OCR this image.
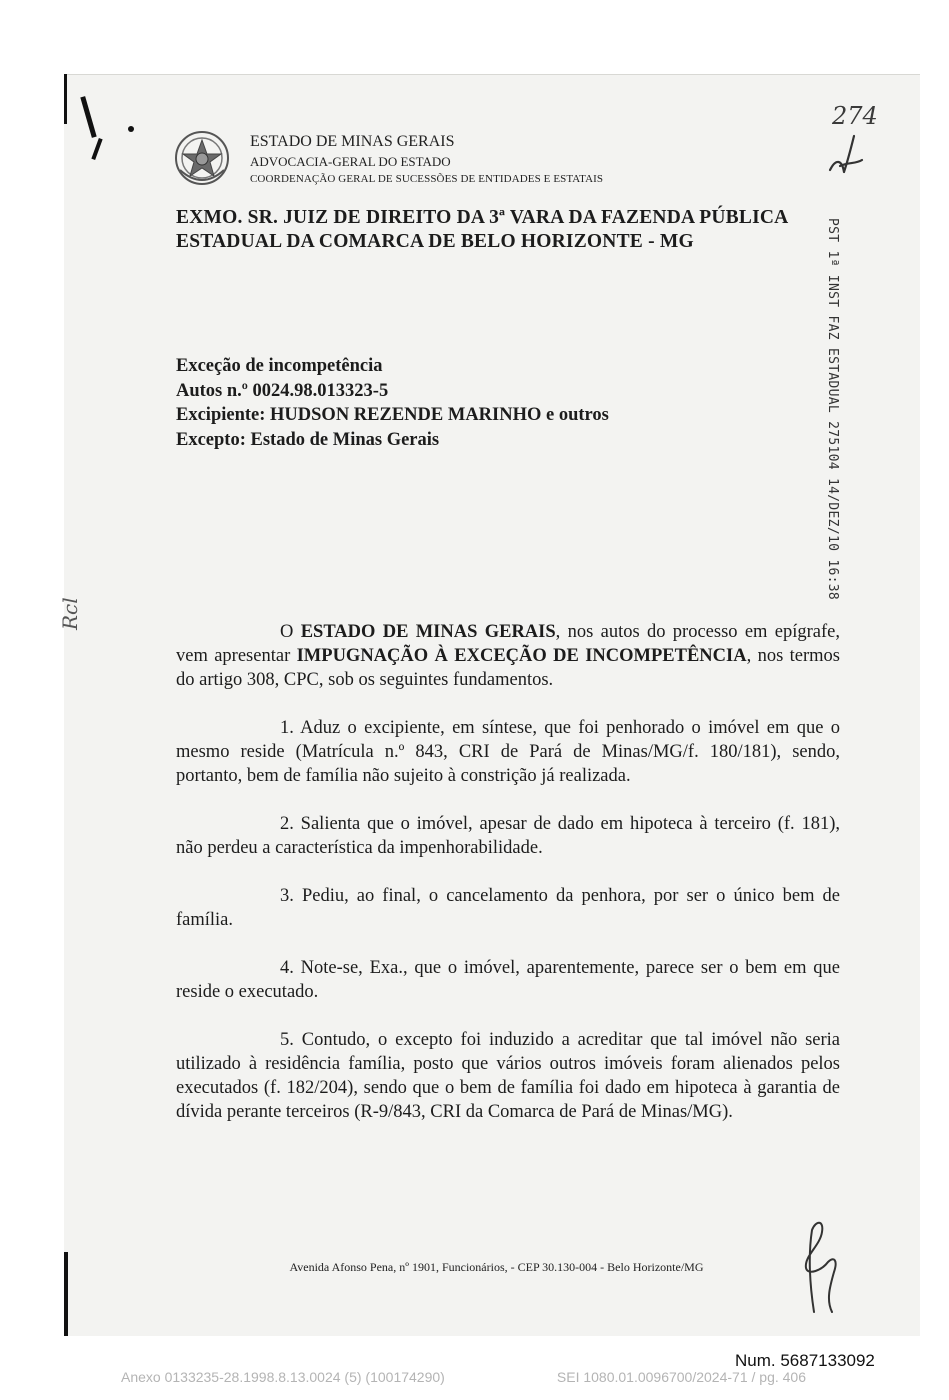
ESTADO DE MINAS GERAIS
ADVOCACIA-GERAL DO ESTADO
COORDENAÇÃO GERAL DE SUCESSÕES DE ENTIDADES E ESTATAIS
274
EXMO. SR. JUIZ DE DIREITO DA 3ª VARA DA FAZENDA PÚBLICA
ESTADUAL DA COMARCA DE BELO HORIZONTE - MG	PST 1ª INST FAZ ESTADUAL 275104 14/DEZ/10 16:38
Exceção de incompetência
Autos n.º 0024.98.013323-5
Excipiente: HUDSON REZENDE MARINHO e outros
Excepto: Estado de Minas Gerais
Rcl

O ESTADO DE MINAS GERAIS, nos autos do processo em epígrafe, vem apresentar IMPUGNAÇÃO À EXCEÇÃO DE INCOMPETÊNCIA, nos termos do artigo 308, CPC, sob os seguintes fundamentos.

1. Aduz o excipiente, em síntese, que foi penhorado o imóvel em que o mesmo reside (Matrícula n.º 843, CRI de Pará de Minas/MG/f. 180/181), sendo, portanto, bem de família não sujeito à constrição já realizada.

2. Salienta que o imóvel, apesar de dado em hipoteca à terceiro (f. 181), não perdeu a característica da impenhorabilidade.

3. Pediu, ao final, o cancelamento da penhora, por ser o único bem de família.

4. Note-se, Exa., que o imóvel, aparentemente, parece ser o bem em que reside o executado.

5. Contudo, o excepto foi induzido a acreditar que tal imóvel não seria utilizado à residência família, posto que vários outros imóveis foram alienados pelos executados (f. 182/204), sendo que o bem de família foi dado em hipoteca à garantia de dívida perante terceiros (R-9/843, CRI da Comarca de Pará de Minas/MG).

Avenida Afonso Pena, nº 1901, Funcionários, - CEP 30.130-004 - Belo Horizonte/MG
Num. 5687133092
Anexo 0133235-28.1998.8.13.0024 (5) (100174290)	SEI 1080.01.0096700/2024-71 / pg. 406
